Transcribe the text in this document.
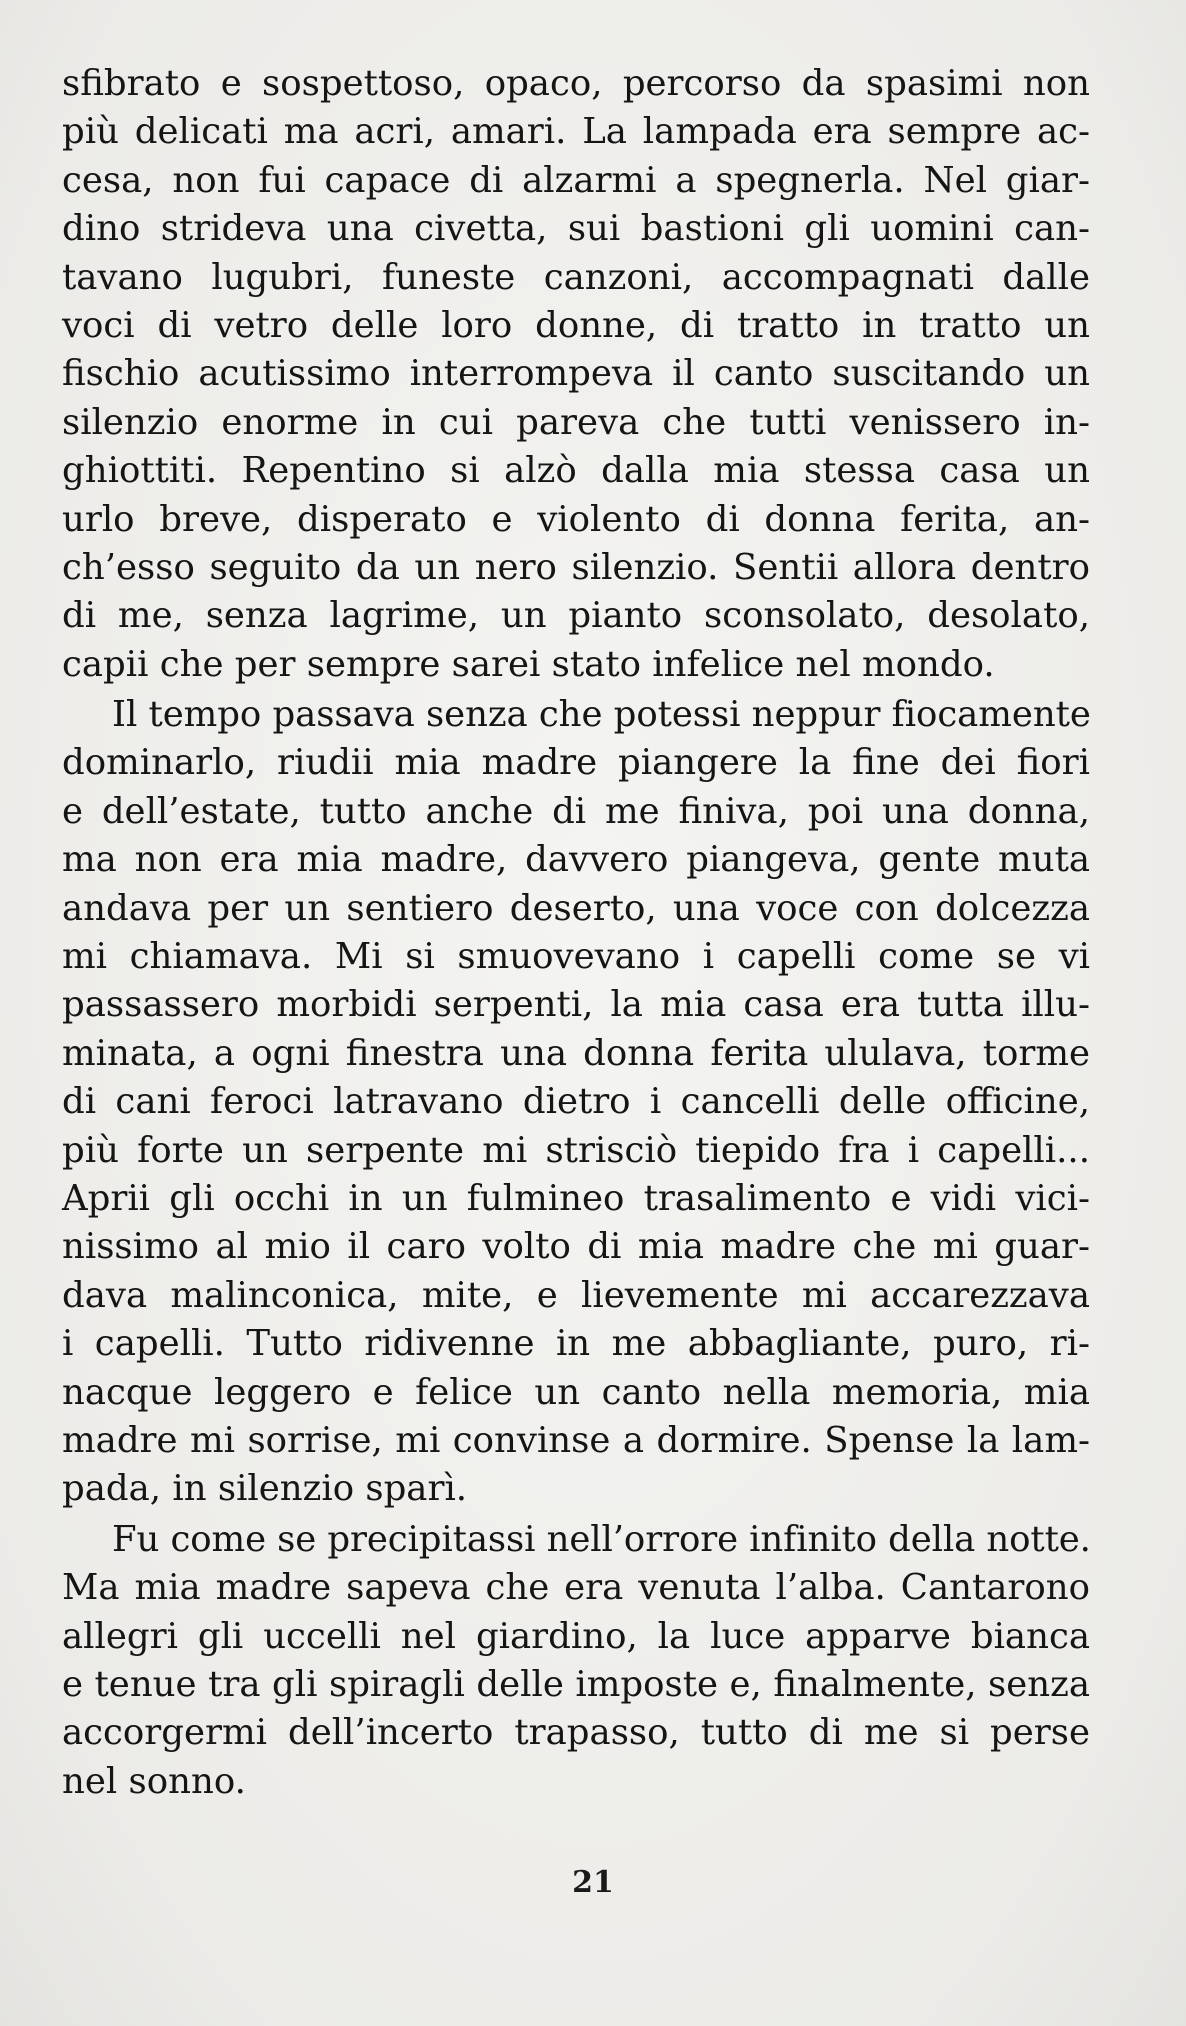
sfibrato e sospettoso, opaco, percorso da spasimi non
più delicati ma acri, amari. La lampada era sempre ac-
cesa, non fui capace di alzarmi a spegnerla. Nel giar-
dino strideva una civetta, sui bastioni gli uomini can-
tavano lugubri, funeste canzoni, accompagnati dalle
voci di vetro delle loro donne, di tratto in tratto un
fischio acutissimo interrompeva il canto suscitando un
silenzio enorme in cui pareva che tutti venissero in-
ghiottiti. Repentino si alzò dalla mia stessa casa un
urlo breve, disperato e violento di donna ferita, an-
ch’esso seguito da un nero silenzio. Sentii allora dentro
di me, senza lagrime, un pianto sconsolato, desolato,
capii che per sempre sarei stato infelice nel mondo.
Il tempo passava senza che potessi neppur fiocamente
dominarlo, riudii mia madre piangere la fine dei fiori
e dell’estate, tutto anche di me finiva, poi una donna,
ma non era mia madre, davvero piangeva, gente muta
andava per un sentiero deserto, una voce con dolcezza
mi chiamava. Mi si smuovevano i capelli come se vi
passassero morbidi serpenti, la mia casa era tutta illu-
minata, a ogni finestra una donna ferita ululava, torme
di cani feroci latravano dietro i cancelli delle officine,
più forte un serpente mi strisciò tiepido fra i capelli...
Aprii gli occhi in un fulmineo trasalimento e vidi vici-
nissimo al mio il caro volto di mia madre che mi guar-
dava malinconica, mite, e lievemente mi accarezzava
i capelli. Tutto ridivenne in me abbagliante, puro, ri-
nacque leggero e felice un canto nella memoria, mia
madre mi sorrise, mi convinse a dormire. Spense la lam-
pada, in silenzio sparì.
Fu come se precipitassi nell’orrore infinito della notte.
Ma mia madre sapeva che era venuta l’alba. Cantarono
allegri gli uccelli nel giardino, la luce apparve bianca
e tenue tra gli spiragli delle imposte e, finalmente, senza
accorgermi dell’incerto trapasso, tutto di me si perse
nel sonno.
21
